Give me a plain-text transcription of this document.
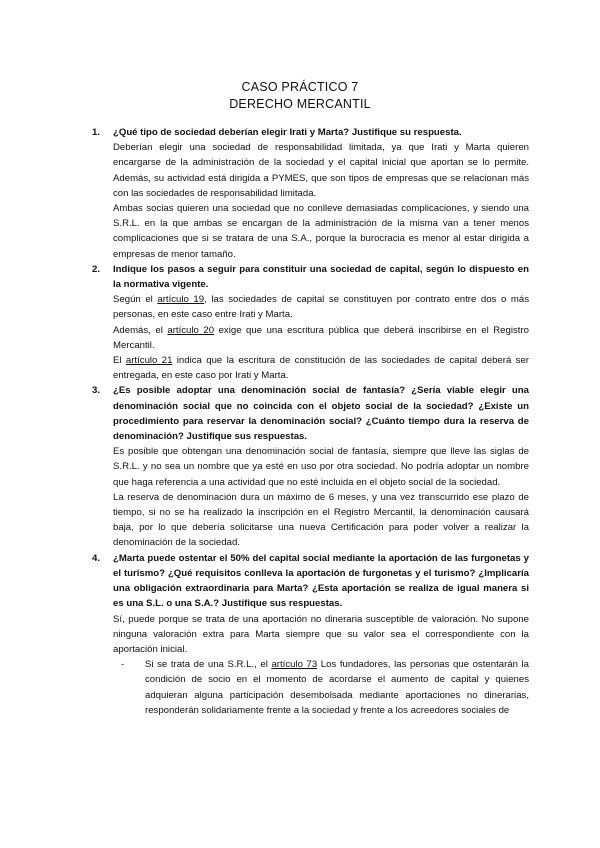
CASO PRÁCTICO 7
DERECHO MERCANTIL
1. ¿Qué tipo de sociedad deberían elegir Irati y Marta? Justifique su respuesta.

Deberían elegir una sociedad de responsabilidad limitada, ya que Irati y Marta quieren encargarse de la administración de la sociedad y el capital inicial que aportan se lo permite. Además, su actividad está dirigida a PYMES, que son tipos de empresas que se relacionan más con las sociedades de responsabilidad limitada.

Ambas socias quieren una sociedad que no conlleve demasiadas complicaciones, y siendo una S.R.L. en la que ambas se encargan de la administración de la misma van a tener menos complicaciones que si se tratara de una S.A., porque la burocracia es menor al estar dirigida a empresas de menor tamaño.

2. Indique los pasos a seguir para constituir una sociedad de capital, según lo dispuesto en la normativa vigente.

Según el artículo 19, las sociedades de capital se constituyen por contrato entre dos o más personas, en este caso entre Irati y Marta.

Además, el artículo 20 exige que una escritura pública que deberá inscribirse en el Registro Mercantil.

El artículo 21 indica que la escritura de constitución de las sociedades de capital deberá ser entregada, en este caso por Irati y Marta.

3. ¿Es posible adoptar una denominación social de fantasía? ¿Sería viable elegir una denominación social que no coincida con el objeto social de la sociedad? ¿Existe un procedimiento para reservar la denominación social? ¿Cuánto tiempo dura la reserva de denominación? Justifique sus respuestas.

Es posible que obtengan una denominación social de fantasía, siempre que lleve las siglas de S.R.L. y no sea un nombre que ya esté en uso por otra sociedad. No podría adoptar un nombre que haga referencia a una actividad que no esté incluida en el objeto social de la sociedad.

La reserva de denominación dura un máximo de 6 meses, y una vez transcurrido ese plazo de tiempo, si no se ha realizado la inscripción en el Registro Mercantil, la denominación causará baja, por lo que debería solicitarse una nueva Certificación para poder volver a realizar la denominación de la sociedad.

4. ¿Marta puede ostentar el 50% del capital social mediante la aportación de las furgonetas y el turismo? ¿Qué requisitos conlleva la aportación de furgonetas y el turismo? ¿Implicaría una obligación extraordinaria para Marta? ¿Esta aportación se realiza de igual manera si es una S.L. o una S.A.? Justifique sus respuestas.

Sí, puede porque se trata de una aportación no dineraria susceptible de valoración. No supone ninguna valoración extra para Marta siempre que su valor sea el correspondiente con la aportación inicial.

- Si se trata de una S.R.L., el artículo 73 Los fundadores, las personas que ostentarán la condición de socio en el momento de acordarse el aumento de capital y quienes adquieran alguna participación desembolsada mediante aportaciones no dinerarias, responderán solidariamente frente a la sociedad y frente a los acreedores sociales de
